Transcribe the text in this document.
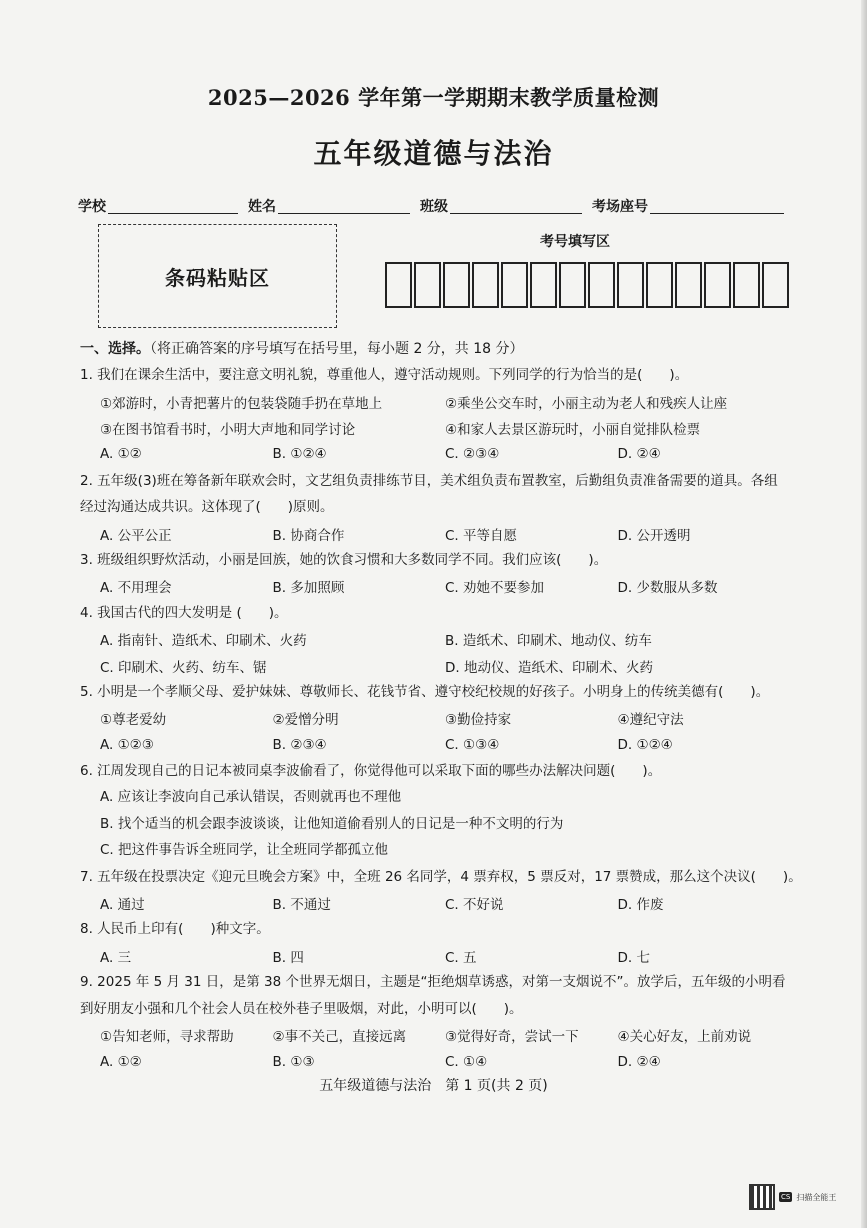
2025—2026 学年第一学期期末教学质量检测
五年级道德与法治
学校	姓名	班级	考场座号
条码粘贴区
考号填写区
一、选择。（将正确答案的序号填写在括号里，每小题 2 分，共 18 分）
1. 我们在课余生活中，要注意文明礼貌，尊重他人，遵守活动规则。下列同学的行为恰当的是(　　)。
①郊游时，小青把薯片的包装袋随手扔在草地上	②乘坐公交车时，小丽主动为老人和残疾人让座
③在图书馆看书时，小明大声地和同学讨论	④和家人去景区游玩时，小丽自觉排队检票
A. ①②	B. ①②④	C. ②③④	D. ②④
2. 五年级(3)班在筹备新年联欢会时，文艺组负责排练节目，美术组负责布置教室，后勤组负责准备需要的道具。各组经过沟通达成共识。这体现了(　　)原则。
A. 公平公正	B. 协商合作	C. 平等自愿	D. 公开透明
3. 班级组织野炊活动，小丽是回族，她的饮食习惯和大多数同学不同。我们应该(　　)。
A. 不用理会	B. 多加照顾	C. 劝她不要参加	D. 少数服从多数
4. 我国古代的四大发明是 (　　)。
A. 指南针、造纸术、印刷术、火药	B. 造纸术、印刷术、地动仪、纺车
C. 印刷术、火药、纺车、锯	D. 地动仪、造纸术、印刷术、火药
5. 小明是一个孝顺父母、爱护妹妹、尊敬师长、花钱节省、遵守校纪校规的好孩子。小明身上的传统美德有(　　)。
①尊老爱幼	②爱憎分明	③勤俭持家	④遵纪守法
A. ①②③	B. ②③④	C. ①③④	D. ①②④
6. 江周发现自己的日记本被同桌李波偷看了，你觉得他可以采取下面的哪些办法解决问题(　　)。
A. 应该让李波向自己承认错误，否则就再也不理他
B. 找个适当的机会跟李波谈谈，让他知道偷看别人的日记是一种不文明的行为
C. 把这件事告诉全班同学，让全班同学都孤立他
7. 五年级在投票决定《迎元旦晚会方案》中，全班 26 名同学，4 票弃权，5 票反对，17 票赞成，那么这个决议(　　)。
A. 通过	B. 不通过	C. 不好说	D. 作废
8. 人民币上印有(　　)种文字。
A. 三	B. 四	C. 五	D. 七
9. 2025 年 5 月 31 日，是第 38 个世界无烟日，主题是“拒绝烟草诱惑，对第一支烟说不”。放学后，五年级的小明看到好朋友小强和几个社会人员在校外巷子里吸烟，对此，小明可以(　　)。
①告知老师，寻求帮助	②事不关己，直接远离	③觉得好奇，尝试一下	④关心好友，上前劝说
A. ①②	B. ①③	C. ①④	D. ②④
五年级道德与法治　第 1 页(共 2 页)
CS 扫描全能王
